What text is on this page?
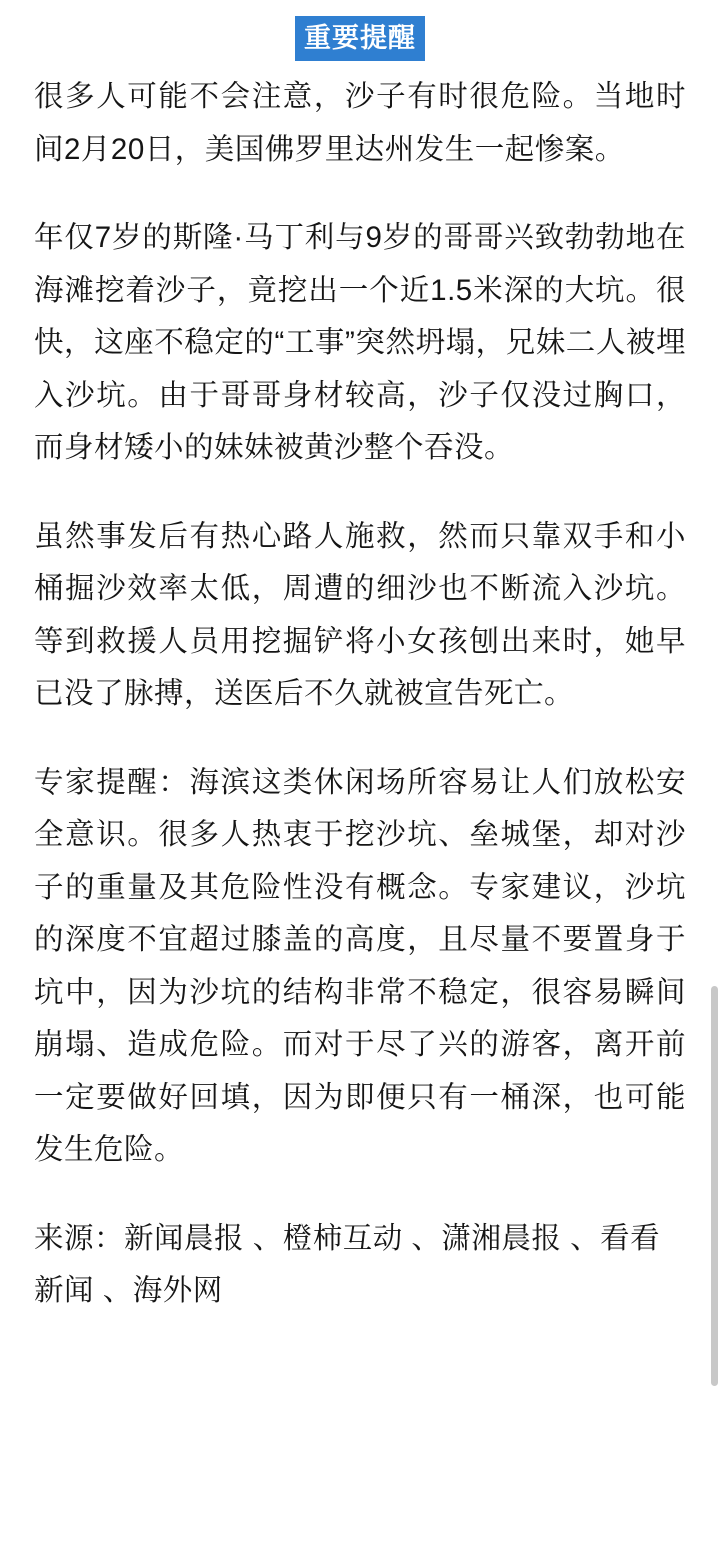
重要提醒

很多人可能不会注意，沙子有时很危险。当地时间2月20日，美国佛罗里达州发生一起惨案。

年仅7岁的斯隆·马丁利与9岁的哥哥兴致勃勃地在海滩挖着沙子，竟挖出一个近1.5米深的大坑。很快，这座不稳定的“工事”突然坍塌，兄妹二人被埋入沙坑。由于哥哥身材较高，沙子仅没过胸口，而身材矮小的妹妹被黄沙整个吞没。

虽然事发后有热心路人施救，然而只靠双手和小桶掘沙效率太低，周遭的细沙也不断流入沙坑。等到救援人员用挖掘铲将小女孩刨出来时，她早已没了脉搏，送医后不久就被宣告死亡。

专家提醒：海滨这类休闲场所容易让人们放松安全意识。很多人热衷于挖沙坑、垒城堡，却对沙子的重量及其危险性没有概念。专家建议，沙坑的深度不宜超过膝盖的高度，且尽量不要置身于坑中，因为沙坑的结构非常不稳定，很容易瞬间崩塌、造成危险。而对于尽了兴的游客，离开前一定要做好回填，因为即便只有一桶深，也可能发生危险。

来源：新闻晨报 、橙柿互动 、潇湘晨报 、看看新闻 、海外网
